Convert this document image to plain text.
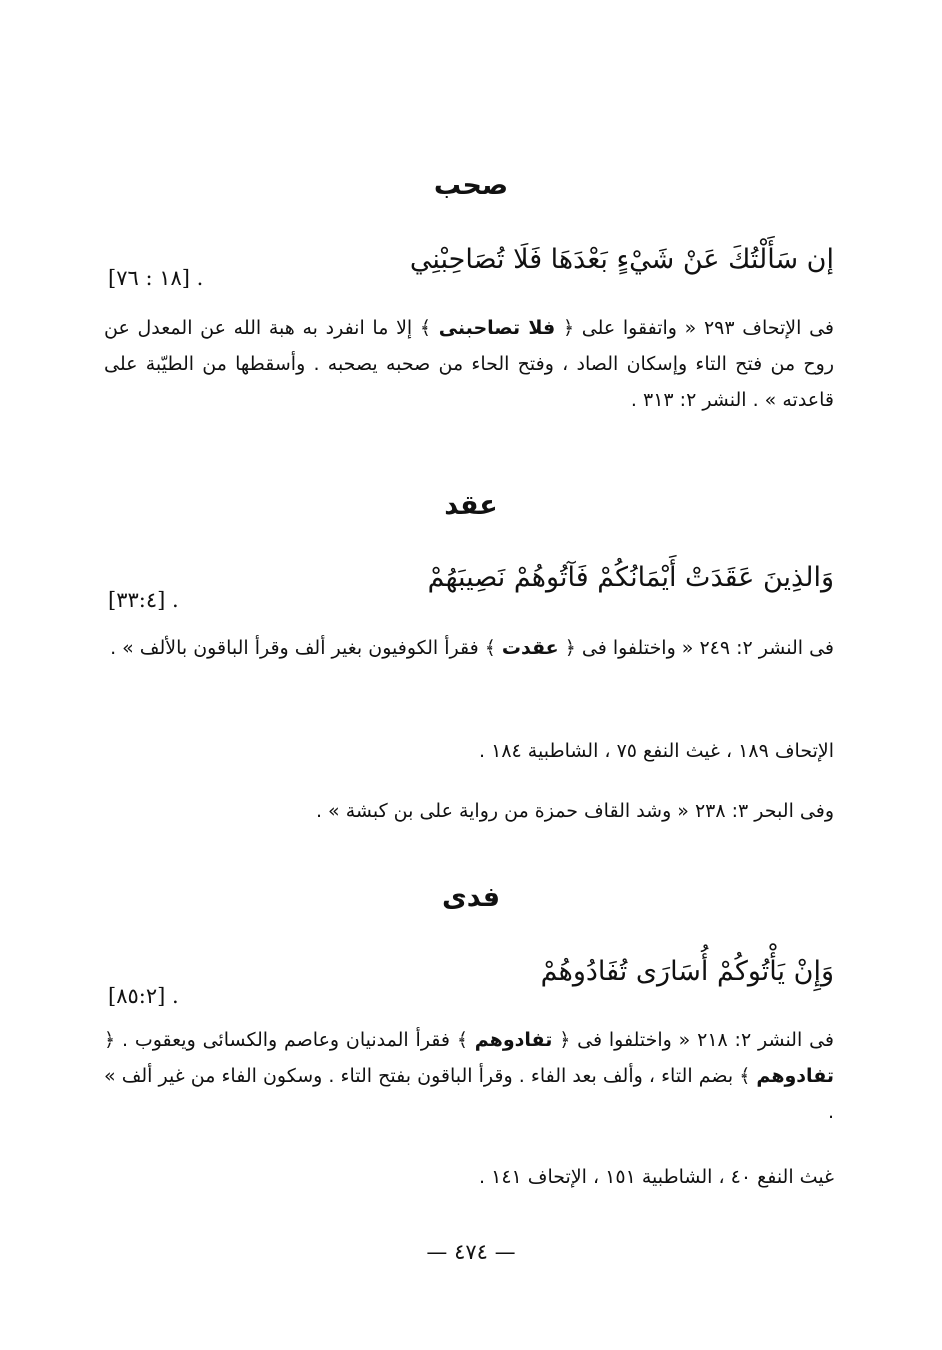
صحب
إن سَأَلْتُكَ عَنْ شَيْءٍ بَعْدَهَا فَلَا تُصَاحِبْنِي
. [١٨ : ٧٦]
فى الإتحاف ٢٩٣ « واتفقوا على ﴿ فلا تصاحبنى ﴾ إلا ما انفرد به هبة الله عن المعدل عن روح من فتح التاء وإسكان الصاد ، وفتح الحاء من صحبه يصحبه . وأسقطها من الطيّبة على قاعدته » . النشر ٢: ٣١٣ .
عقد
وَالذِينَ عَقَدَتْ أَيْمَانُكُمْ فَآتُوهُمْ نَصِيبَهُمْ
. [٣٣:٤]
فى النشر ٢: ٢٤٩ « واختلفوا فى ﴿ عقدت ﴾ فقرأ الكوفيون بغير ألف وقرأ الباقون بالألف » .
الإتحاف ١٨٩ ، غيث النفع ٧٥ ، الشاطبية ١٨٤ .
وفى البحر ٣: ٢٣٨ « وشد القاف حمزة من رواية على بن كبشة » .
فدى
وَإِنْ يَأْتُوكُمْ أُسَارَى تُفَادُوهُمْ
. [٨٥:٢]
فى النشر ٢: ٢١٨ « واختلفوا فى ﴿ تفادوهم ﴾ فقرأ المدنيان وعاصم والكسائى ويعقوب . ﴿ تفادوهم ﴾ بضم التاء ، وألف بعد الفاء . وقرأ الباقون بفتح التاء . وسكون الفاء من غير ألف » .
غيث النفع ٤٠ ، الشاطبية ١٥١ ، الإتحاف ١٤١ .
— ٤٧٤ —
